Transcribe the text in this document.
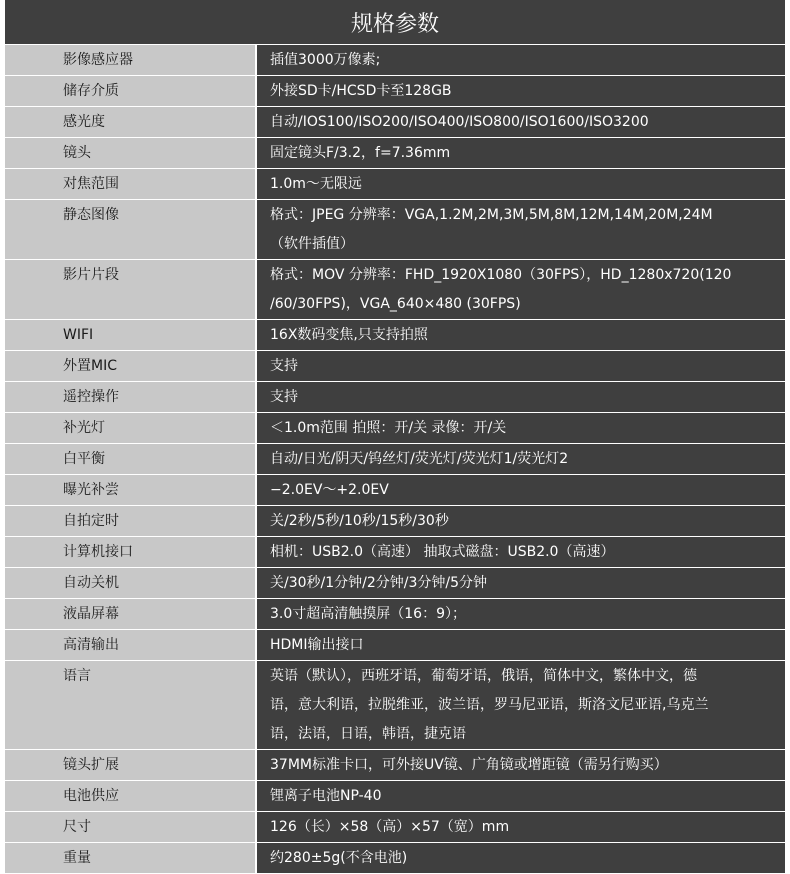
规格参数
影像感应器	插值3000万像素;
储存介质	外接SD卡/HCSD卡至128GB
感光度	自动/IOS100/ISO200/ISO400/ISO800/ISO1600/ISO3200
镜头	固定镜头F/3.2，f=7.36mm
对焦范围	1.0m～无限远
静态图像	格式：JPEG 分辨率：VGA,1.2M,2M,3M,5M,8M,12M,14M,20M,24M
（软件插值）

影片片段	格式：MOV 分辨率：FHD_1920X1080（30FPS），HD_1280x720(120
/60/30FPS)，VGA_640×480 (30FPS)

WIFI	16X数码变焦,只支持拍照
外置MIC	支持
遥控操作	支持
补光灯	＜1.0m范围 拍照：开/关 录像：开/关
白平衡	自动/日光/阴天/钨丝灯/荧光灯/荧光灯1/荧光灯2
曝光补尝	−2.0EV～+2.0EV
自拍定时	关/2秒/5秒/10秒/15秒/30秒
计算机接口	相机：USB2.0（高速） 抽取式磁盘：USB2.0（高速）
自动关机	关/30秒/1分钟/2分钟/3分钟/5分钟
液晶屏幕	3.0寸超高清触摸屏（16：9）；
高清输出	HDMI输出接口
语言	英语（默认），西班牙语，葡萄牙语，俄语，简体中文，繁体中文，德
语，意大利语，拉脱维亚，波兰语，罗马尼亚语，斯洛文尼亚语,乌克兰
语，法语，日语，韩语，捷克语

镜头扩展	37MM标准卡口，可外接UV镜、广角镜或增距镜（需另行购买）
电池供应	锂离子电池NP-40
尺寸	126（长）×58（高）×57（宽）mm
重量	约280±5g(不含电池)
